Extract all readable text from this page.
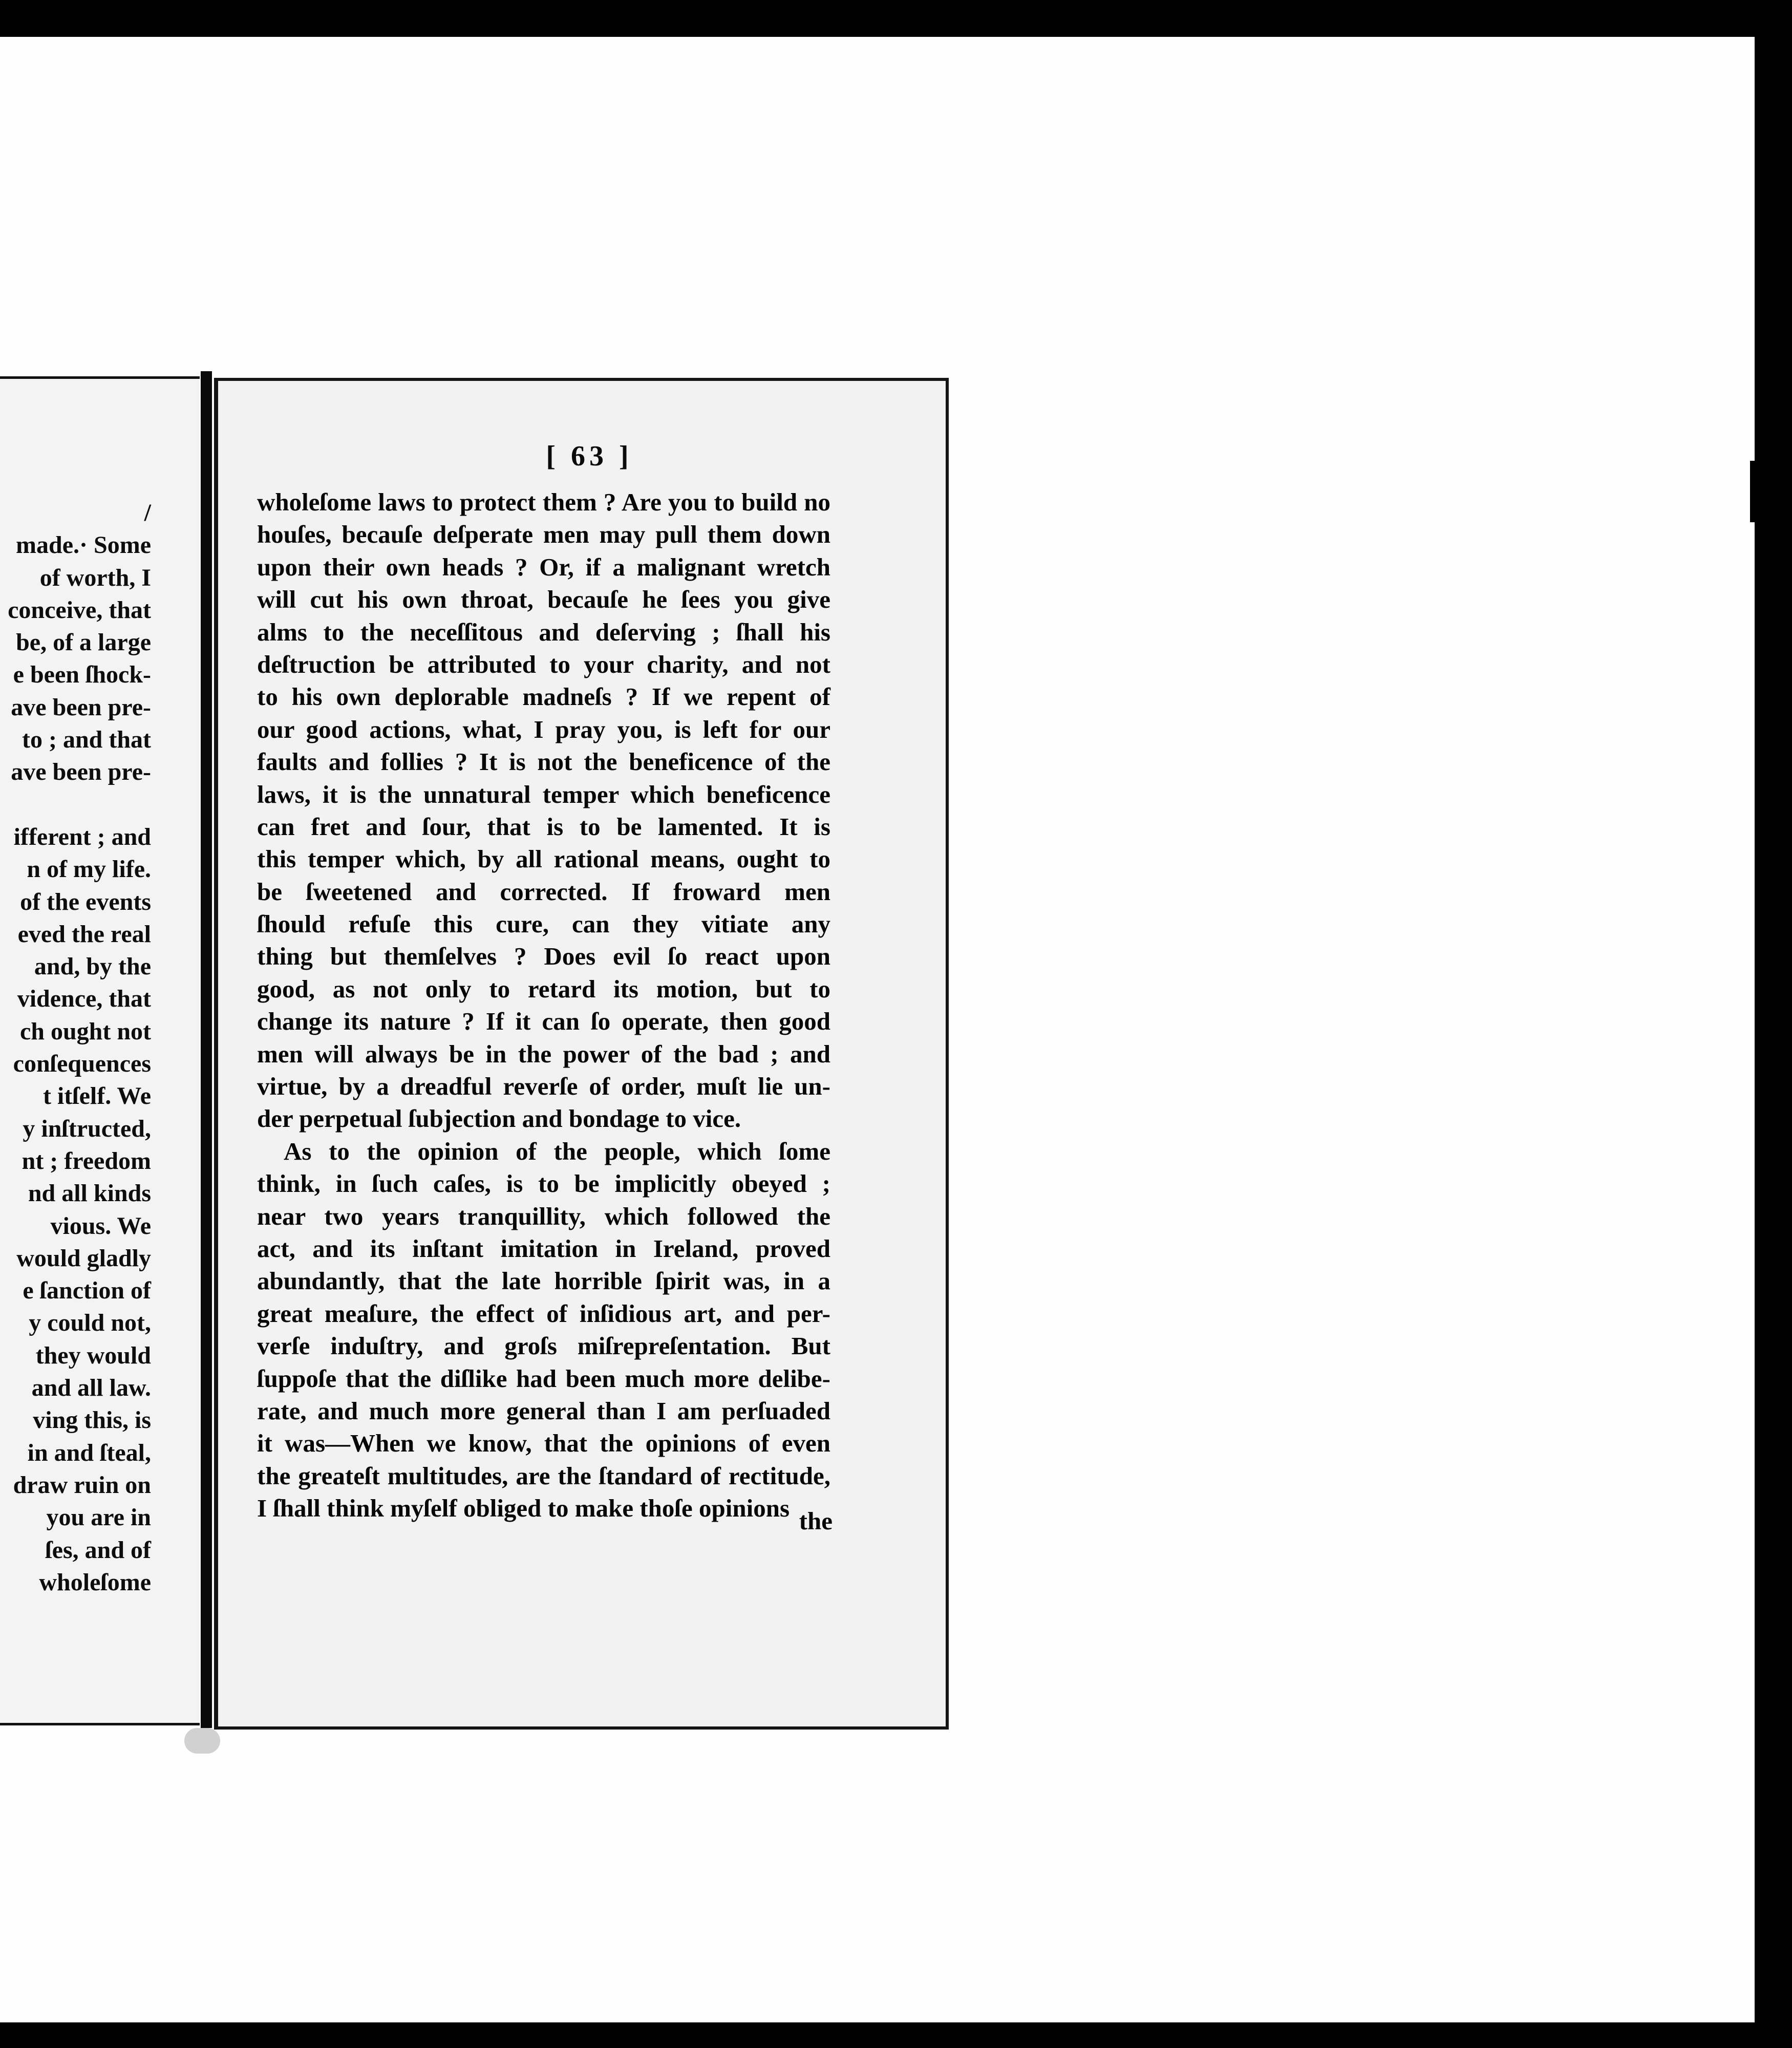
/
made.· Some
of worth, I
conceive, that
be, of a large
e been ſhock-
ave been pre-
to ; and that
ave been pre-
ifferent ; and
n of my life.
of the events
eved the real
and, by the
vidence, that
ch ought not
conſequences
t itſelf. We
y inſtructed,
nt ; freedom
nd all kinds
vious. We
would gladly
e ſanction of
y could not,
they would
and all law.
ving this, is
in and ſteal,
draw ruin on
you are in
ſes, and of
wholeſome
[ 63 ]
wholeſome laws to protect them ? Are you to build no
houſes, becauſe deſperate men may pull them down
upon their own heads ? Or, if a malignant wretch
will cut his own throat, becauſe he ſees you give
alms to the neceſſitous and deſerving ; ſhall his
deſtruction be attributed to your charity, and not
to his own deplorable madneſs ? If we repent of
our good actions, what, I pray you, is left for our
faults and follies ? It is not the beneficence of the
laws, it is the unnatural temper which beneficence
can fret and ſour, that is to be lamented. It is
this temper which, by all rational means, ought to
be ſweetened and corrected. If froward men
ſhould refuſe this cure, can they vitiate any
thing but themſelves ? Does evil ſo react upon
good, as not only to retard its motion, but to
change its nature ? If it can ſo operate, then good
men will always be in the power of the bad ; and
virtue, by a dreadful reverſe of order, muſt lie un-
der perpetual ſubjection and bondage to vice.
As to the opinion of the people, which ſome
think, in ſuch caſes, is to be implicitly obeyed ;
near two years tranquillity, which followed the
act, and its inſtant imitation in Ireland, proved
abundantly, that the late horrible ſpirit was, in a
great meaſure, the effect of inſidious art, and per-
verſe induſtry, and groſs miſrepreſentation. But
ſuppoſe that the diſlike had been much more delibe-
rate, and much more general than I am perſuaded
it was—When we know, that the opinions of even
the greateſt multitudes, are the ſtandard of rectitude,
I ſhall think myſelf obliged to make thoſe opinions the
